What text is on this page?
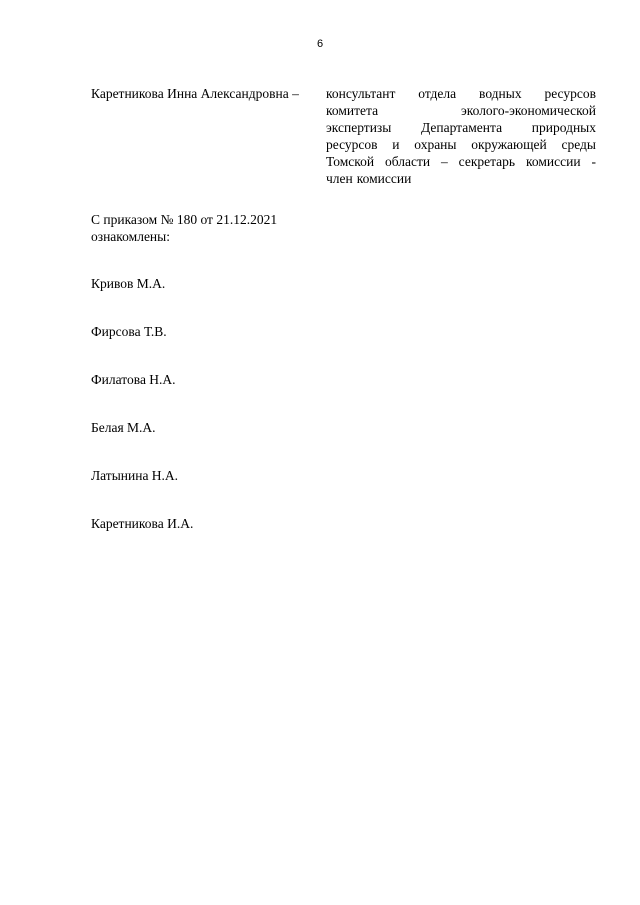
6
Каретникова Инна Александровна – консультант отдела водных ресурсов
комитета	эколого-экономической
экспертизы Департамента природных
ресурсов и охраны окружающей среды
Томской области – секретарь комиссии -
член комиссии
С приказом № 180 от 21.12.2021
ознакомлены:
Кривов М.А.
Фирсова Т.В.
Филатова Н.А.
Белая М.А.
Латынина Н.А.
Каретникова И.А.
